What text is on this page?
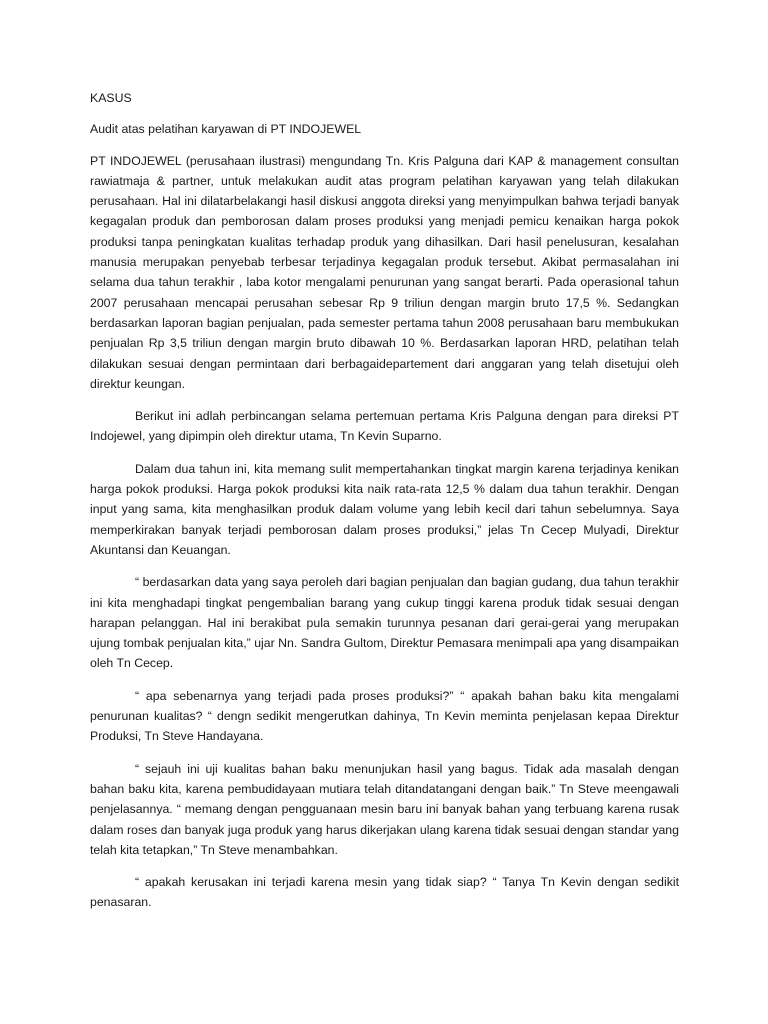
KASUS

Audit atas pelatihan karyawan di PT INDOJEWEL

PT INDOJEWEL (perusahaan ilustrasi) mengundang Tn. Kris Palguna dari KAP & management consultan rawiatmaja & partner, untuk melakukan audit atas program pelatihan karyawan yang telah dilakukan perusahaan. Hal ini dilatarbelakangi hasil diskusi anggota direksi yang menyimpulkan bahwa terjadi banyak kegagalan produk dan pemborosan dalam proses produksi yang menjadi pemicu kenaikan harga pokok produksi tanpa peningkatan kualitas terhadap produk yang dihasilkan. Dari hasil penelusuran, kesalahan manusia merupakan penyebab terbesar terjadinya kegagalan produk tersebut. Akibat permasalahan ini selama dua tahun terakhir , laba kotor mengalami penurunan yang sangat berarti. Pada operasional tahun 2007 perusahaan mencapai perusahan sebesar Rp 9 triliun dengan margin bruto 17,5 %. Sedangkan berdasarkan laporan bagian penjualan, pada semester pertama tahun 2008 perusahaan baru membukukan penjualan Rp 3,5 triliun dengan margin bruto dibawah 10 %. Berdasarkan laporan HRD, pelatihan telah dilakukan sesuai dengan permintaan dari berbagaidepartement dari anggaran yang telah disetujui oleh direktur keungan.

Berikut ini adlah perbincangan selama pertemuan pertama Kris Palguna dengan para direksi PT Indojewel, yang dipimpin oleh direktur utama, Tn Kevin Suparno.

Dalam dua tahun ini, kita memang sulit mempertahankan tingkat margin karena terjadinya kenikan harga pokok produksi. Harga pokok produksi kita naik rata-rata 12,5 % dalam dua tahun terakhir. Dengan input yang sama, kita menghasilkan produk dalam volume yang lebih kecil dari tahun sebelumnya. Saya memperkirakan banyak terjadi pemborosan dalam proses produksi,” jelas Tn Cecep Mulyadi, Direktur Akuntansi dan Keuangan.

“ berdasarkan data yang saya peroleh dari bagian penjualan dan bagian gudang, dua tahun terakhir ini kita menghadapi tingkat pengembalian barang yang cukup tinggi karena produk tidak sesuai dengan harapan pelanggan. Hal ini berakibat pula semakin turunnya pesanan dari gerai-gerai yang merupakan ujung tombak penjualan kita,” ujar Nn. Sandra Gultom, Direktur Pemasara menimpali apa yang disampaikan oleh Tn Cecep.

“ apa sebenarnya yang terjadi pada proses produksi?” “ apakah bahan baku kita mengalami penurunan kualitas? “ dengn sedikit mengerutkan dahinya, Tn Kevin meminta penjelasan kepaa Direktur Produksi, Tn Steve Handayana.

“ sejauh ini uji kualitas bahan baku menunjukan hasil yang bagus. Tidak ada masalah dengan bahan baku kita, karena pembudidayaan mutiara telah ditandatangani dengan baik.” Tn Steve meengawali penjelasannya. “ memang dengan pengguanaan mesin baru ini banyak bahan yang terbuang karena rusak dalam roses dan banyak juga produk yang harus dikerjakan ulang karena tidak sesuai dengan standar yang telah kita tetapkan,” Tn Steve menambahkan.

“ apakah kerusakan ini terjadi karena mesin yang tidak siap? “ Tanya Tn Kevin dengan sedikit penasaran.
